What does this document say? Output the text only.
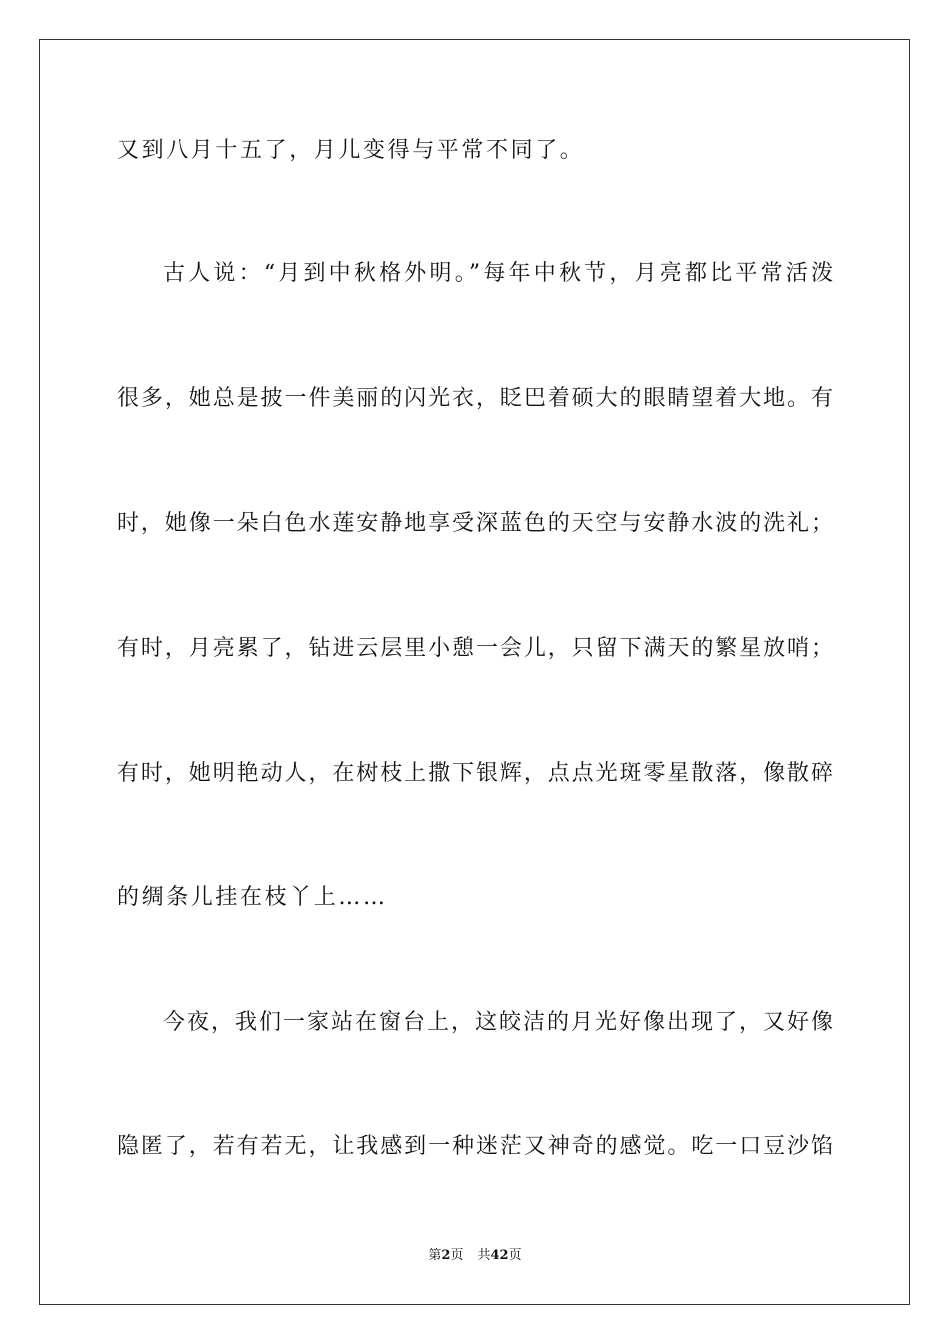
又到八月十五了，月儿变得与平常不同了。
古人说：“月到中秋格外明。”每年中秋节，月亮都比平常活泼
很多，她总是披一件美丽的闪光衣，眨巴着硕大的眼睛望着大地。有
时，她像一朵白色水莲安静地享受深蓝色的天空与安静水波的洗礼；
有时，月亮累了，钻进云层里小憩一会儿，只留下满天的繁星放哨；
有时，她明艳动人，在树枝上撒下银辉，点点光斑零星散落，像散碎
的绸条儿挂在枝丫上……
今夜，我们一家站在窗台上，这皎洁的月光好像出现了，又好像
隐匿了，若有若无，让我感到一种迷茫又神奇的感觉。吃一口豆沙馅
第2页 共42页
